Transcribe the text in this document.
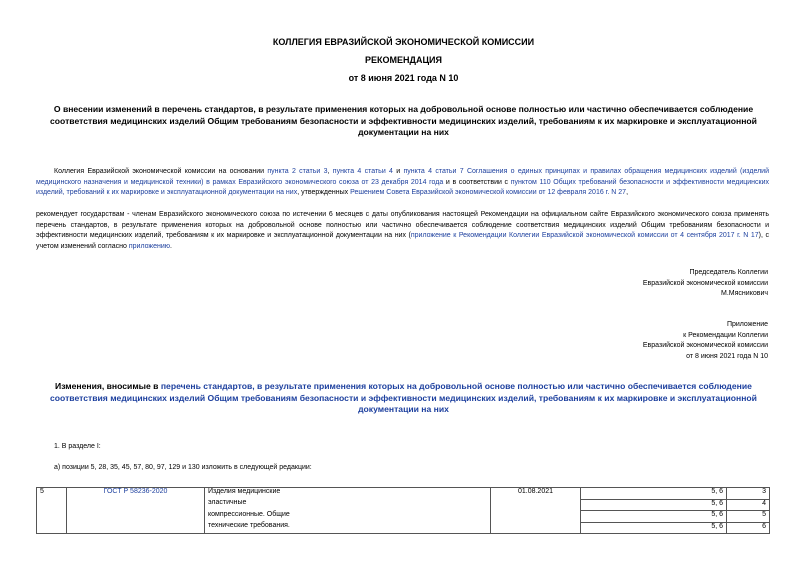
КОЛЛЕГИЯ ЕВРАЗИЙСКОЙ ЭКОНОМИЧЕСКОЙ КОМИССИИ
РЕКОМЕНДАЦИЯ
от 8 июня 2021 года N 10
О внесении изменений в перечень стандартов, в результате применения которых на добровольной основе полностью или частично обеспечивается соблюдение соответствия медицинских изделий Общим требованиям безопасности и эффективности медицинских изделий, требованиям к их маркировке и эксплуатационной документации на них
Коллегия Евразийской экономической комиссии на основании пункта 2 статьи 3, пункта 4 статьи 4 и пункта 4 статьи 7 Соглашения о единых принципах и правилах обращения медицинских изделий (изделий медицинского назначения и медицинской техники) в рамках Евразийского экономического союза от 23 декабря 2014 года и в соответствии с пунктом 110 Общих требований безопасности и эффективности медицинских изделий, требований к их маркировке и эксплуатационной документации на них, утвержденных Решением Совета Евразийской экономической комиссии от 12 февраля 2016 г. N 27,
рекомендует государствам - членам Евразийского экономического союза по истечении 6 месяцев с даты опубликования настоящей Рекомендации на официальном сайте Евразийского экономического союза применять перечень стандартов, в результате применения которых на добровольной основе полностью или частично обеспечивается соблюдение соответствия медицинских изделий Общим требованиям безопасности и эффективности медицинских изделий, требованиям к их маркировке и эксплуатационной документации на них (приложение к Рекомендации Коллегии Евразийской экономической комиссии от 4 сентября 2017 г. N 17), с учетом изменений согласно приложению.
Председатель Коллегии
Евразийской экономической комиссии
М.Мясникович
Приложение
к Рекомендации Коллегии
Евразийской экономической комиссии
от 8 июня 2021 года N 10
Изменения, вносимые в перечень стандартов, в результате применения которых на добровольной основе полностью или частично обеспечивается соблюдение соответствия медицинских изделий Общим требованиям безопасности и эффективности медицинских изделий, требованиям к их маркировке и эксплуатационной документации на них
1. В разделе I:
а) позиции 5, 28, 35, 45, 57, 80, 97, 129 и 130 изложить в следующей редакции:
5	ГОСТ Р 58236-2020	Изделия медицинские	01.08.2021	5, 6	3
		эластичные		5, 6	4
		компрессионные. Общие		5, 6	5
		технические требования.		5, 6	6
